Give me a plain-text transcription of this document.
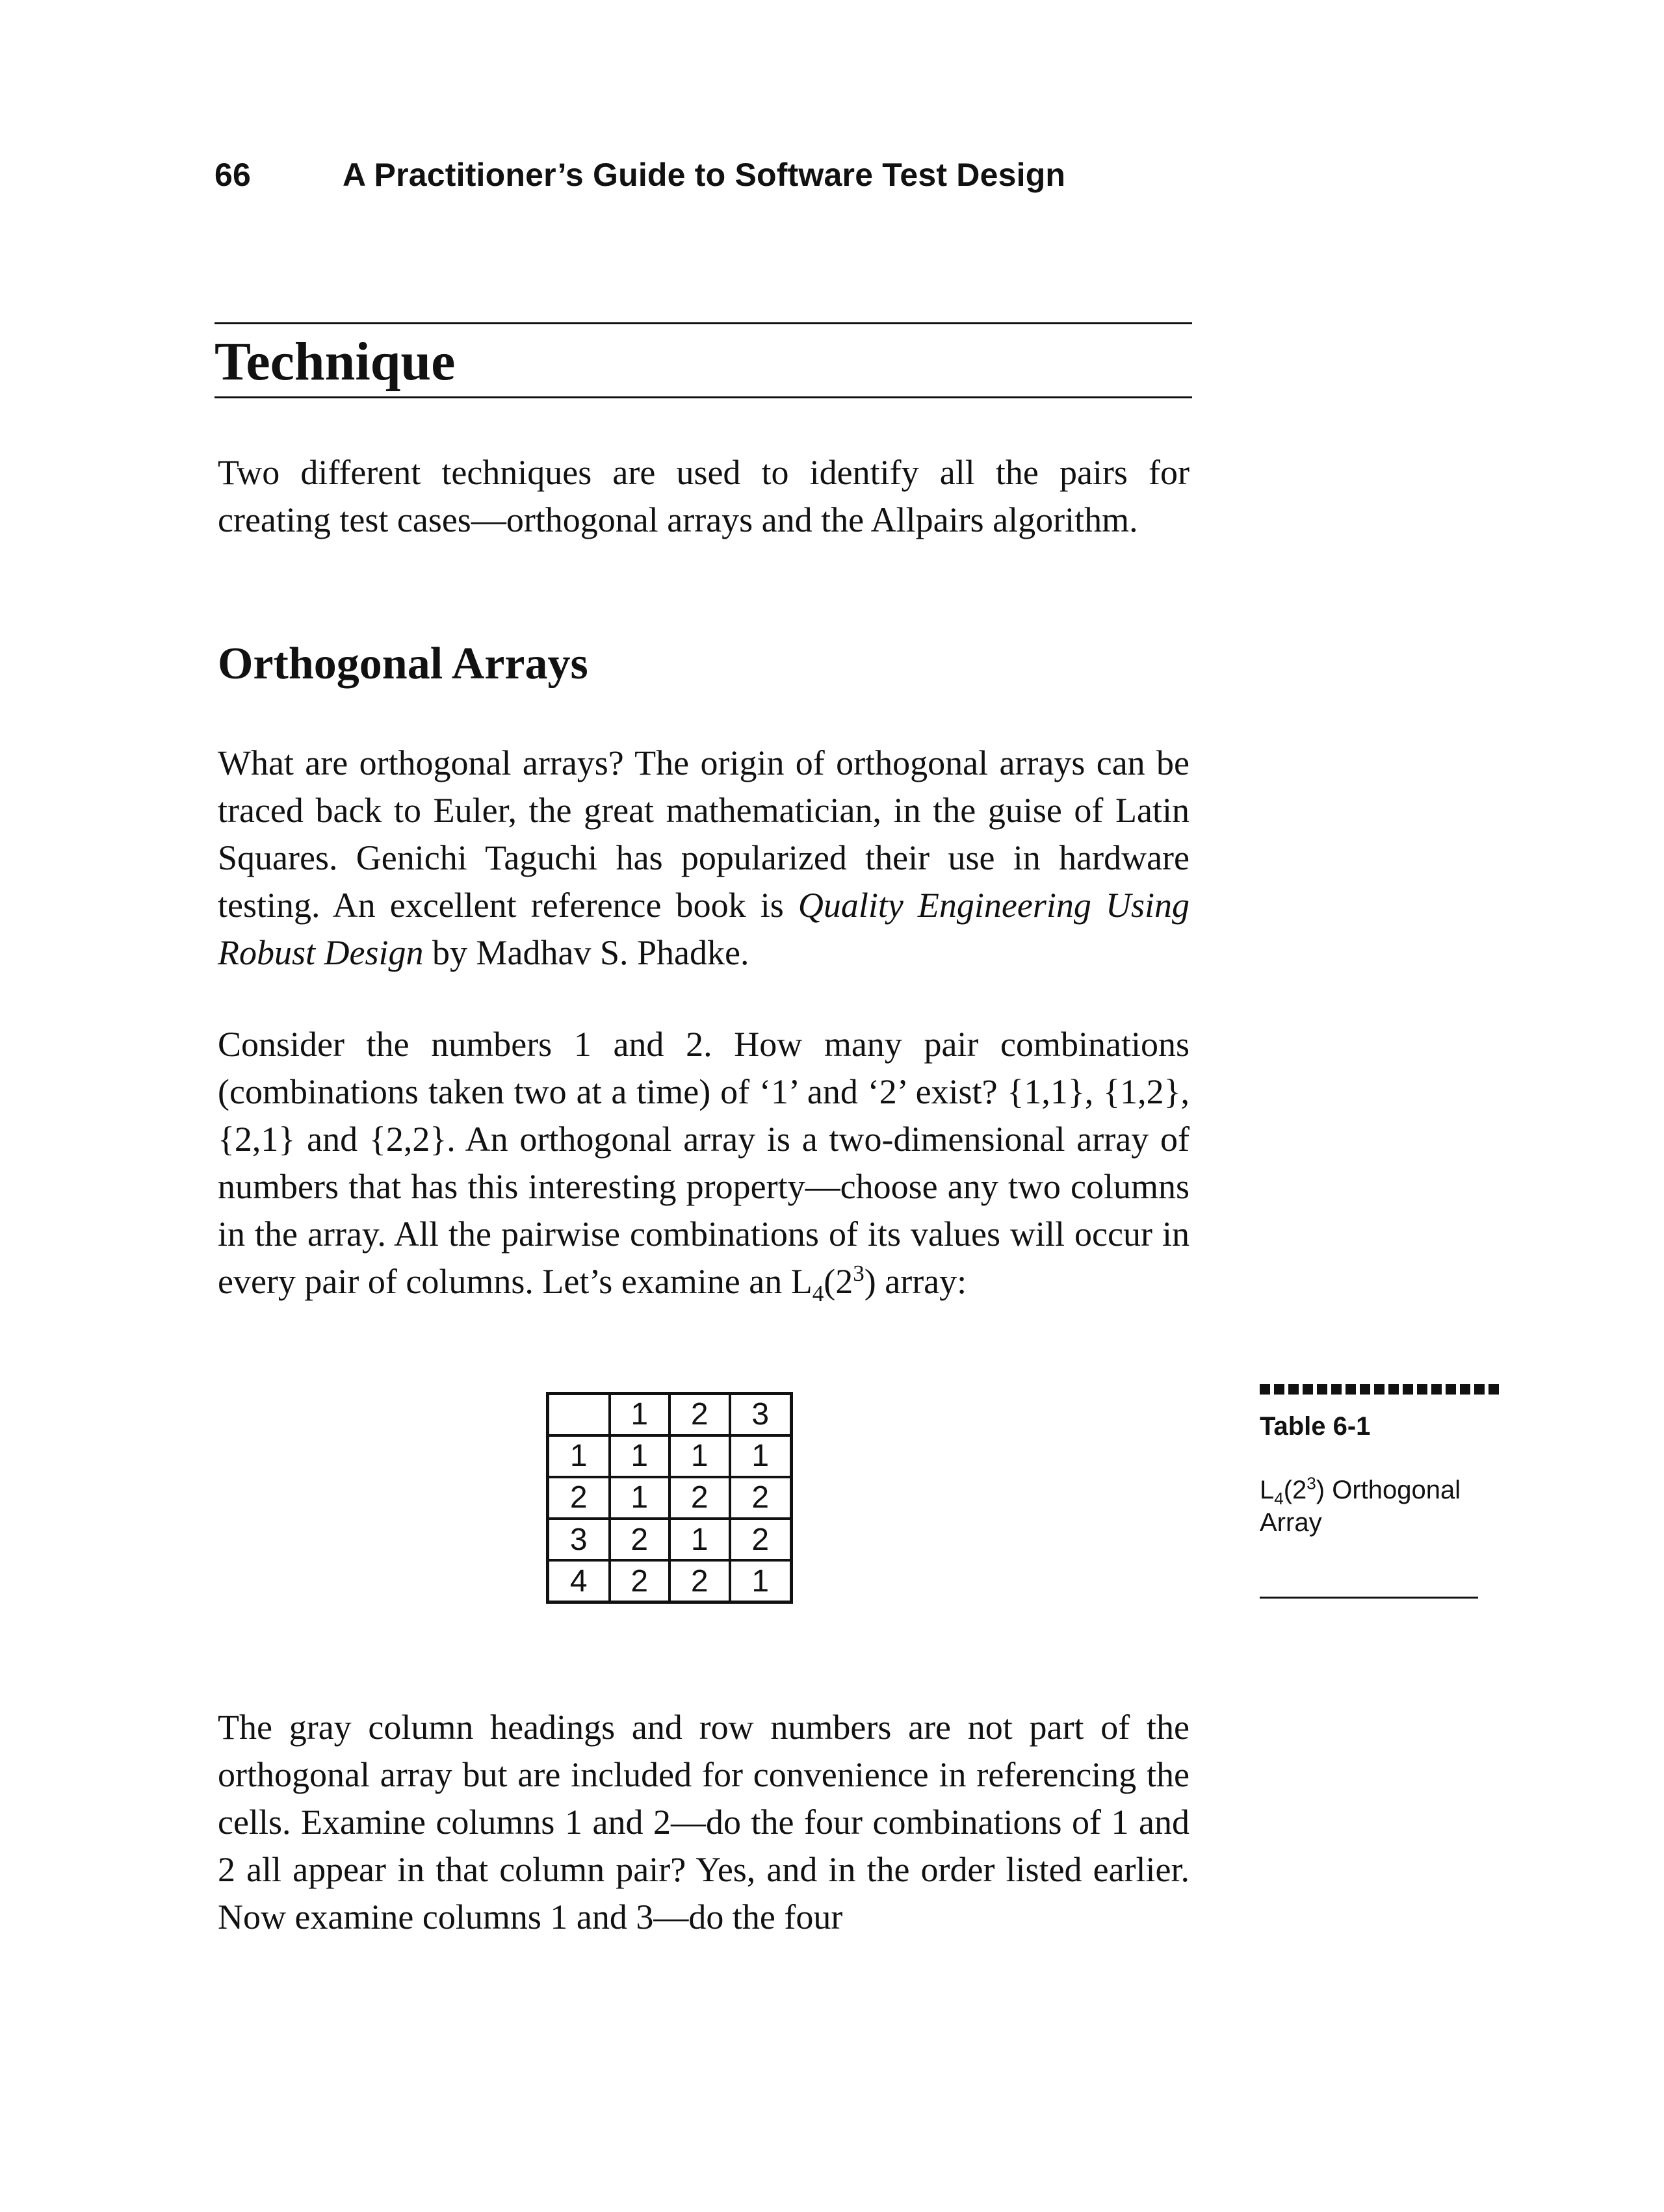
66	A Practitioner’s Guide to Software Test Design
Technique
Two different techniques are used to identify all the pairs for creating test cases—orthogonal arrays and the Allpairs algorithm.
Orthogonal Arrays
What are orthogonal arrays? The origin of orthogonal arrays can be traced back to Euler, the great mathematician, in the guise of Latin Squares. Genichi Taguchi has popularized their use in hardware testing. An excellent reference book is Quality Engineering Using Robust Design by Madhav S. Phadke.
Consider the numbers 1 and 2. How many pair combinations (combinations taken two at a time) of ‘1’ and ‘2’ exist? {1,1}, {1,2}, {2,1} and {2,2}. An orthogonal array is a two-dimensional array of numbers that has this interesting property—choose any two columns in the array. All the pairwise combinations of its values will occur in every pair of columns. Let’s examine an $L_4(2^3)$ array:
	1	2	3
1	1	1	1
2	1	2	2
3	2	1	2
4	2	2	1
Table 6-1
$L_4(2^3)$ Orthogonal Array
The gray column headings and row numbers are not part of the orthogonal array but are included for convenience in referencing the cells. Examine columns 1 and 2—do the four combinations of 1 and 2 all appear in that column pair? Yes, and in the order listed earlier. Now examine columns 1 and 3—do the four
